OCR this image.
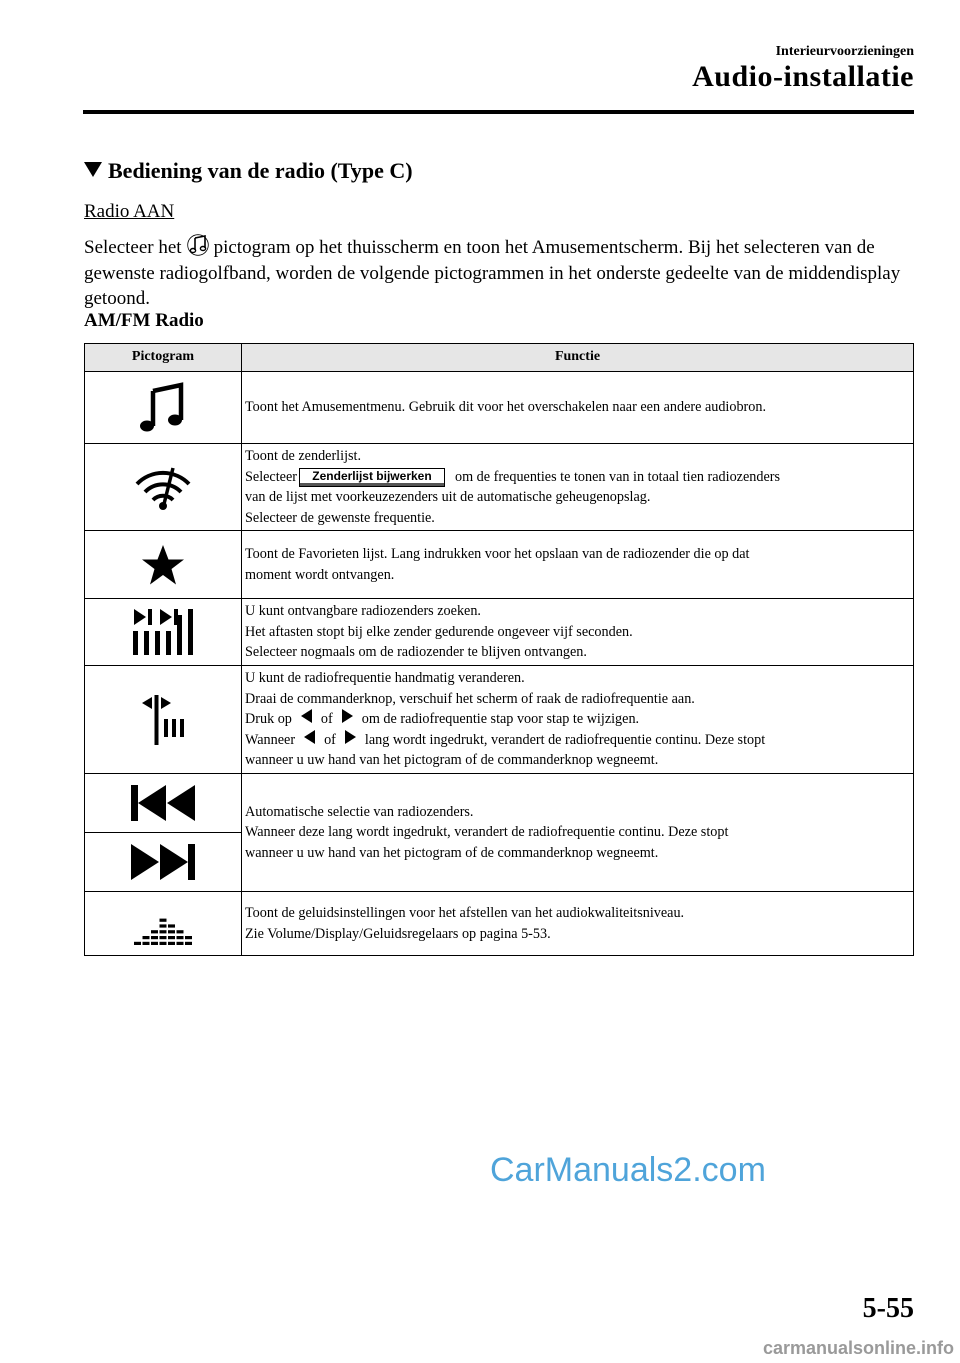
Interieurvoorzieningen
Audio-installatie
Bediening van de radio (Type C)
Radio AAN
Selecteer het pictogram op het thuisscherm en toon het Amusementscherm. Bij het selecteren van de gewenste radiogolfband, worden de volgende pictogrammen in het onderste gedeelte van de middendisplay getoond.
AM/FM Radio
Pictogram	Functie

	Toont het Amusementmenu. Gebruik dit voor het overschakelen naar een andere audiobron.

Toont de zenderlijst.
Selecteer Zenderlijst bijwerken om de frequenties te tonen van in totaal tien radiozenders
van de lijst met voorkeuzezenders uit de automatische geheugenopslag.
Selecteer de gewenste frequentie.

Toont de Favorieten lijst. Lang indrukken voor het opslaan van de radiozender die op dat
moment wordt ontvangen.

U kunt ontvangbare radiozenders zoeken.
Het aftasten stopt bij elke zender gedurende ongeveer vijf seconden.
Selecteer nogmaals om de radiozender te blijven ontvangen.

U kunt de radiofrequentie handmatig veranderen.
Draai de commanderknop, verschuif het scherm of raak de radiofrequentie aan.
Druk op of om de radiofrequentie stap voor stap te wijzigen.
Wanneer of lang wordt ingedrukt, verandert de radiofrequentie continu. Deze stopt
wanneer u uw hand van het pictogram of de commanderknop wegneemt.

Automatische selectie van radiozenders.
Wanneer deze lang wordt ingedrukt, verandert de radiofrequentie continu. Deze stopt
wanneer u uw hand van het pictogram of de commanderknop wegneemt.

Toont de geluidsinstellingen voor het afstellen van het audiokwaliteitsniveau.
Zie Volume/Display/Geluidsregelaars op pagina 5-53.
CarManuals2.com
5-55
carmanualsonline.info
